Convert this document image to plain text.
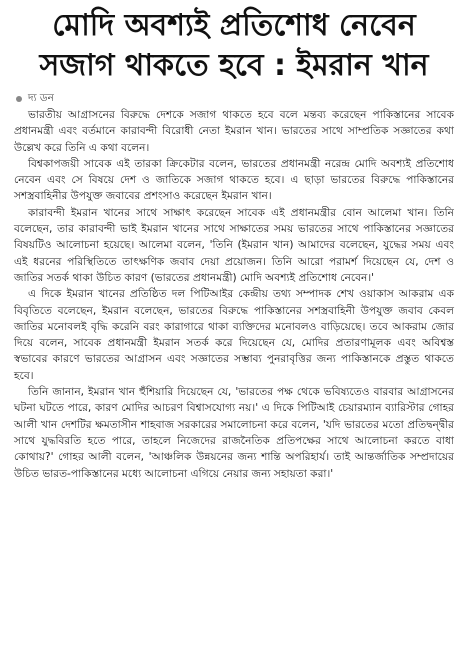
মোদি অবশ্যই প্রতিশোধ নেবেন
সজাগ থাকতে হবে : ইমরান খান
দ্য ডন

ভারতীয় আগ্রাসনের বিরুদ্ধে দেশকে সজাগ থাকতে হবে বলে মন্তব্য করেছেন পাকিস্তানের সাবেক প্রধানমন্ত্রী এবং বর্তমানে কারাবন্দী বিরোধী নেতা ইমরান খান। ভারতের সাথে সাম্প্রতিক সজ্ঞাতের কথা উল্লেখ করে তিনি এ কথা বলেন।

বিশ্বকাপজয়ী সাবেক এই তারকা ক্রিকেটার বলেন, ভারতের প্রধানমন্ত্রী নরেন্দ্র মোদি অবশ্যই প্রতিশোধ নেবেন এবং সে বিষয়ে দেশ ও জাতিকে সজাগ থাকতে হবে। এ ছাড়া ভারতের বিরুদ্ধে পাকিস্তানের সশস্ত্রবাহিনীর উপযুক্ত জবাবের প্রশংসাও করেছেন ইমরান খান।

কারাবন্দী ইমরান খানের সাথে সাক্ষাৎ করেছেন সাবেক এই প্রধানমন্ত্রীর বোন আলেমা খান। তিনি বলেছেন, তার কারাবন্দী ভাই ইমরান খানের সাথে সাক্ষাতের সময় ভারতের সাথে পাকিস্তানের সজ্ঞাতের বিষয়টিও আলোচনা হয়েছে। আলেমা বলেন, 'তিনি (ইমরান খান) আমাদের বলেছেন, যুদ্ধের সময় এবং এই ধরনের পরিস্থিতিতে তাৎক্ষণিক জবাব দেয়া প্রয়োজন। তিনি আরো পরামর্শ দিয়েছেন যে, দেশ ও জাতির সতর্ক থাকা উচিত কারণ (ভারতের প্রধানমন্ত্রী) মোদি অবশ্যই প্রতিশোধ নেবেন।'

এ দিকে ইমরান খানের প্রতিষ্ঠিত দল পিটিআইর কেন্দ্রীয় তথ্য সম্পাদক শেখ ওয়াকাস আকরাম এক বিবৃতিতে বলেছেন, ইমরান বলেছেন, ভারতের বিরুদ্ধে পাকিস্তানের সশস্ত্রবাহিনী উপযুক্ত জবাব কেবল জাতির মনোবলই বৃদ্ধি করেনি বরং কারাগারে থাকা ব্যক্তিদের মনোবলও বাড়িয়েছে। তবে আকরাম জোর দিয়ে বলেন, সাবেক প্রধানমন্ত্রী ইমরান সতর্ক করে দিয়েছেন যে, মোদির প্রতারণামূলক এবং অবিশ্বস্ত স্বভাবের কারণে ভারতের আগ্রাসন এবং সজ্ঞাতের সম্ভাব্য পুনরাবৃত্তির জন্য পাকিস্তানকে প্রস্তুত থাকতে হবে।

তিনি জানান, ইমরান খান হুঁশিয়ারি দিয়েছেন যে, 'ভারতের পক্ষ থেকে ভবিষ্যতেও বারবার আগ্রাসনের ঘটনা ঘটতে পারে, কারণ মোদির আচরণ বিশ্বাসযোগ্য নয়।' এ দিকে পিটিআই চেয়ারম্যান ব্যারিস্টার গোহর আলী খান দেশটির ক্ষমতাসীন শাহবাজ সরকারের সমালোচনা করে বলেন, 'যদি ভারতের মতো প্রতিদ্বন্দ্বীর সাথে যুদ্ধবিরতি হতে পারে, তাহলে নিজেদের রাজনৈতিক প্রতিপক্ষের সাথে আলোচনা করতে বাধা কোথায়?' গোহর আলী বলেন, 'আঞ্চলিক উন্নয়নের জন্য শান্তি অপরিহার্য। তাই আন্তর্জাতিক সম্প্রদায়ের উচিত ভারত-পাকিস্তানের মধ্যে আলোচনা এগিয়ে নেয়ার জন্য সহায়তা করা।'
